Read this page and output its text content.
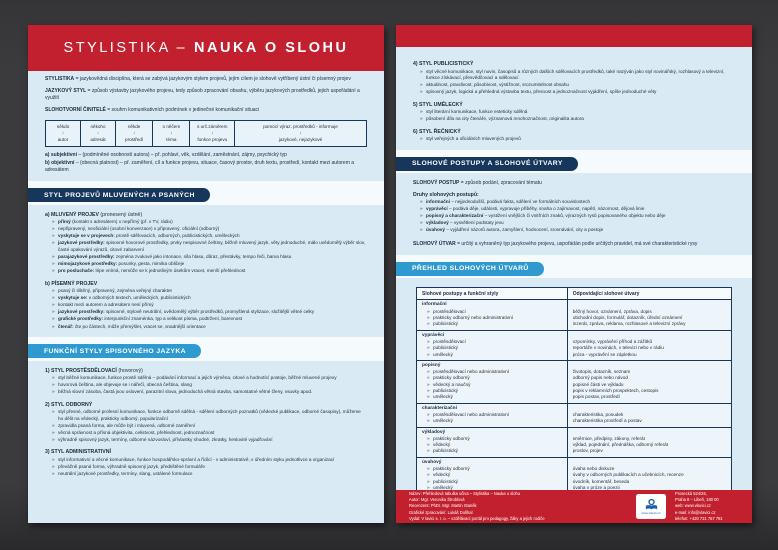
STYLISTIKA – NAUKA O SLOHU
STYLISTIKA = jazykovědná disciplína, která se zabývá jazykovým stylem projevů, jejím cílem je slohově vytříbený ústní či písemný projev
JAZYKOVÝ STYL = způsob výstavby jazykového projevu, tedy způsob zpracování obsahu, výběru jazykových prostředků, jejich uspořádání a využití
SLOHOTVORNÍ ČINITELÉ = souhrn komunikativních podmínek v jedinečné komunikační situaci
někdo
↓
autor
někoho
↓
adresát
někde
↓
prostředí
o něčem
↓
téma
s urč.záměrem
↓
funkce projevu
pomocí výraz. prostředků - informuje
↓
jazykové, nejazykové
a) subjektivní – (podmíněné osobností autora) – př. pohlaví, věk, vzdělání, zaměstnání, zájmy, psychický typ
b) objektivní – (obecná platnost) – př. zaměření, cíl a funkce projevu, situace, časový prostor, druh textu, prostředí, kontakt mezi autorem a adresátem
STYL PROJEVŮ MLUVENÝCH A PSANÝCH
a) MLUVENÝ PROJEV (pronesený ústně)
» přímý (kontakt s adresátem) x nepřímý (př. v TV, rádiu)
» nepřipravený, neoficiální (osobní konverzace) x připravený, oficiální (odborný)
» vyskytuje se v projevech: prostě sdělovacích, odborných, publicistických, uměleckých
» jazykové prostředky: spisovné hovorové prostředky, prvky nespisovné češtiny, běžně mluvený jazyk, věty jednoduché, málo uvědomělý výběr slov, časté opakování výrazů, citové zabarvení
» parajazykové prostředky: zejména zvukové jako intonace, síla hlasu, důraz, přestávky, tempo řeči, barva hlasu
» mimojazykové prostředky: posunky, gesta, mimika obličeje
» pro posluchače: lépe vnímá, nemůže se k jednotlivým úsekům vracet, menší přehlednost
b) PÍSEMNÝ PROJEV
» psaný či tištěný, připravený, zejména veřejný charakter
» vyskytuje se: v odborných textech, uměleckých, publicistických
» kontakt mezi autorem a adresátem není přímý
» jazykové prostředky: spisovné, stylově neutrální, uvědomělý výběr prostředků, promyšlená stylizace, složitější větné celky
» grafické prostředky: interpunkční znaménka, typ a velikost písma, podtržení, barevnost
» čtenář: čte po částech, může přemýšlet, vracet se, snadnější orientace
FUNKČNÍ STYLY SPISOVNÉHO JAZYKA
1) STYL PROSTĚSDĚLOVACÍ (hovorový)
» styl běžné komunikace, funkce prostě sdělná – podávání informací a jejich výměna, citové a hodnotící postoje, běžné mluvené projevy
» hovorová čeština, ale objevuje se i nářečí, obecná čeština, slang
» běžná slovní zásoba, častá jsou oslovení, parazitní slova, jednoduchá větná stavba, samostatné větné členy, vsuvky apod.
2) STYL ODBORNÝ
» styl přesné, odborné profesní komunikace, funkce odborně sdělná - sdělení odborných poznatků (vědecké publikace, odborné časopisy), můžeme ho dělit na vědecký, prakticky odborný, popularizační
» zpravidla psaná forma, ale může být i mluvená, odborné zaměření
» věcná správnost a přísná objektivita, celistvost, přehlednost, jednoznačnost
» výhradně spisovný jazyk, termíny, odborné názvosloví, přívlastky shodné, zkratky, heslovité vyjadřování
3) STYL ADMINISTRATIVNÍ
» styl informativní a věcné komunikace, funkce hospodářsko-správní a řídící - v administrativě, v úředním styku jednotlivce a organizací
» převážně psaná forma, výhradně spisovný jazyk, předtištěné formuláře
» neutrální jazykové prostředky, termíny, slang, ustálené formulace
4) STYL PUBLICISTICKÝ
» styl věcné komunikace, styl novin, časopisů a různých dalších sdělovacích prostředků, také nazýván jako styl novinářský, rozhlasový a televizní, funkce získávací, přesvědčovací a sdělovací
» aktuálnost, pravdivost, působivost, výstižnost, srozumitelnost obsahu
» spisovný jazyk, logická a přehledná výstavba textu, přesnost a jednoznačnost vyjádření, spíše jednoduché věty
5) STYL UMĚLECKÝ
» styl literární komunikace, funkce esteticky sdělná
» působení díla na city čtenáře, významová mnohoznačnost, originalita autora
6) STYL ŘEČNICKÝ
» styl veřejných a oficiálních mluvených projevů
SLOHOVÉ POSTUPY A SLOHOVÉ ÚTVARY
SLOHOVÝ POSTUP = způsob podání, zpracování tématu
Druhy slohových postupů:
» informační – nejjednodušší, podává fakta, sdělení ve formálních souvislostech
» vyprávěcí – podává děje, události, vypravuje příběhy, snaha o zajímavost, napětí, názornost, dějová linie
» popisný a charakterizační – vystižení vnějších či vnitřních znaků, výrazných rysů popisovaného objektu nebo děje
» výkladový – vysvětlení podstaty jevu
» úvahový – vyjádření názorů autora, zamyšlení, hodnocení, srovnávání, city a postoje
SLOHOVÝ ÚTVAR = určitý a vyhraněný typ jazykového projevu, uspořádán podle určitých pravidel, má své charakteristické rysy
PŘEHLED SLOHOVÝCH ÚTVARŮ
Slohové postupy a funkční styly	Odpovídající slohové útvary
informační
» prostěsdělovací
» prakticky odborný nebo administrativní
» publicistický
běžný hovor, oznámení, zpráva, dopis
obchodní dopis, formulář, dotazník, úřední oznámení
inzerát, zpráva, reklama, rozhlasové a televizní zprávy
vyprávěcí
» prostěsdělovací
» publicistický
» umělecký
vzpomínky, vyprávění příhod a zážitků
reportáže v novinách, v televizi nebo v rádiu
próza - vyprávění se zápletkou
popisný
» prostěsdělovací nebo administrativní
» prakticky odborný
» vědecký a naučný
» publicistický
» umělecký
životopis, dotazník, seznam
odborný popis nebo návod
popisné části ve výkladu
popis v reklamních prospektech, cestopis
popis postav, prostředí
charakterizační
» prostěsdělovací nebo administrativní
» umělecký
charakteristika, posudek
charakteristika prostředí a postav
výkladový
» prakticky odborný
» vědecký
» publicistický
směrnice, předpisy, zákony, referát
výklad, pojednání, přednáška, odborný referát
proslov, projev
úvahový
» prakticky odborný
» vědecký
» publicistický
» umělecký
úvaha nebo diskuze
úvahy v odborných publikacích a učebnicích, recenze
úvodník, komentář, beseda
úvaha v próze a poezii
Název: Přehledová tabulka učiva – Stylistika – Nauka o slohu
Autor: Mgr. Veronika Štroblová
Recenzent: PhDr. Mgr. Martin Staněk
Grafické zpracování: Lukáš Dolíhal
Vydal: V lavici s. r. o. – vzdělávací portál pro pedagogy, žáky a jejich rodiče
www.vlavici.cz
Prosecká 524/26,
Praha 8 – Libeň, 180 00
web: www.vlavici.cz
e-mail: info@vlavici.cz
telefon: +420 721 757 781
